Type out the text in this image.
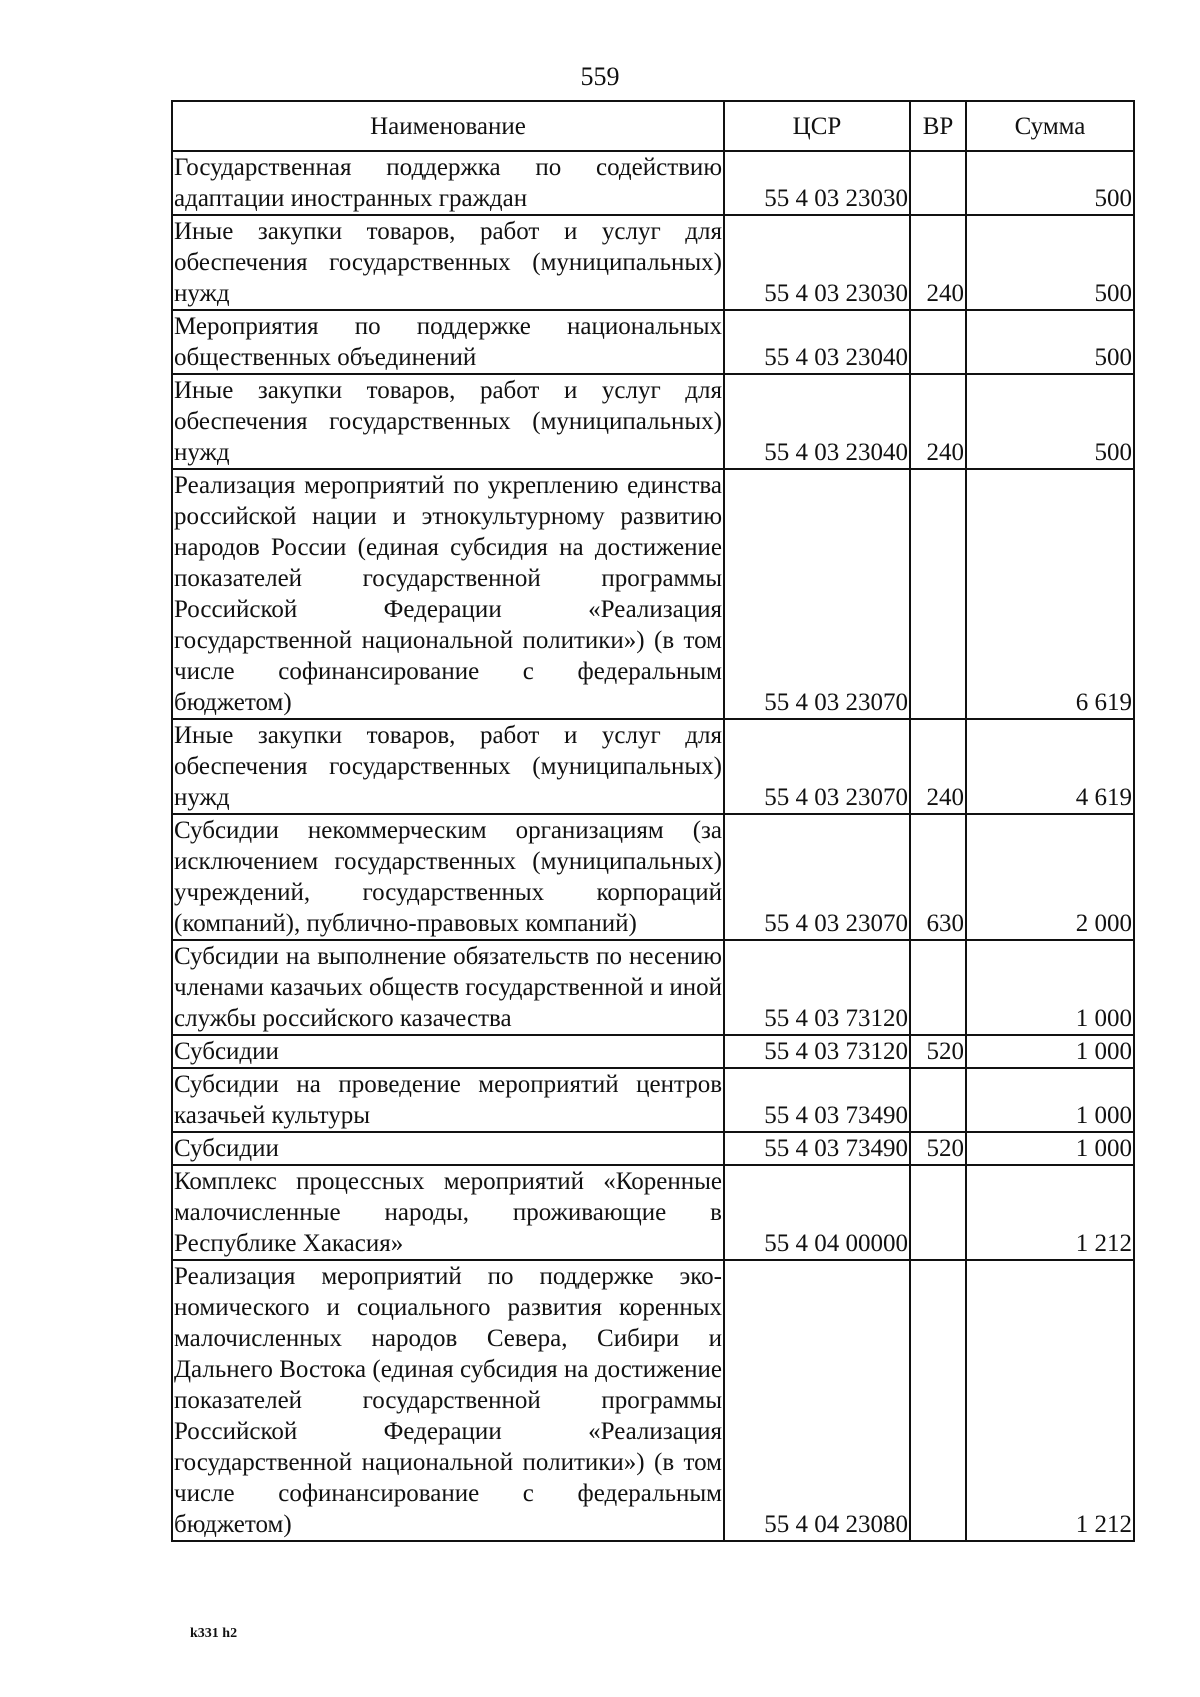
559
Наименование	ЦСР	ВР	Сумма
Государственная поддержка по содействию адаптации иностранных граждан	55 4 03 23030		500
Иные закупки товаров, работ и услуг для обеспечения государственных (муниципальных) нужд	55 4 03 23030	240	500
Мероприятия по поддержке национальных общественных объединений	55 4 03 23040		500
Иные закупки товаров, работ и услуг для обеспечения государственных (муниципальных) нужд	55 4 03 23040	240	500
Реализация мероприятий по укреплению единства российской нации и этнокультурному развитию народов России (единая субсидия на достижение показателей государственной программы Российской Федерации «Реализация государственной национальной политики») (в том числе софинансирование с федеральным бюджетом)	55 4 03 23070		6 619
Иные закупки товаров, работ и услуг для обеспечения государственных (муниципальных) нужд	55 4 03 23070	240	4 619
Субсидии некоммерческим организациям (за исключением государственных (муниципальных) учреждений, государственных корпораций (компаний), публично-правовых компаний)	55 4 03 23070	630	2 000
Субсидии на выполнение обязательств по несению членами казачьих обществ государственной и иной службы российского казачества	55 4 03 73120		1 000
Субсидии	55 4 03 73120	520	1 000
Субсидии на проведение мероприятий центров казачьей культуры	55 4 03 73490		1 000
Субсидии	55 4 03 73490	520	1 000
Комплекс процессных мероприятий «Коренные малочисленные народы, проживающие в Республике Хакасия»	55 4 04 00000		1 212
Реализация мероприятий по поддержке экономического и социального развития коренных малочисленных народов Севера, Сибири и Дальнего Востока (единая субсидия на достижение показателей государственной программы Российской Федерации «Реализация государственной национальной политики») (в том числе софинансирование с федеральным бюджетом)	55 4 04 23080		1 212
k331 h2
